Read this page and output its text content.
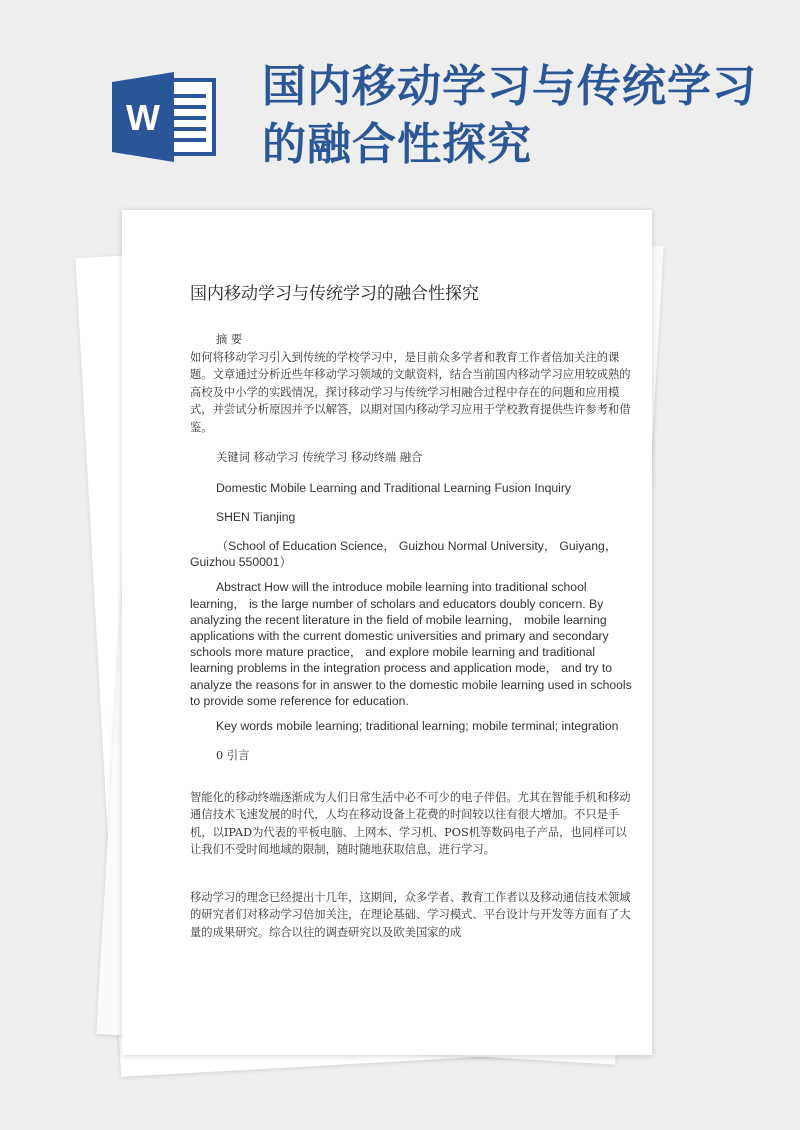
W
国内移动学习与传统学习的融合性探究

国内移动学习与传统学习的融合性探究

摘 要

如何将移动学习引入到传统的学校学习中，是目前众多学者和教育工作者倍加关注的课题。文章通过分析近些年移动学习领域的文献资料，结合当前国内移动学习应用较成熟的高校及中小学的实践情况，探讨移动学习与传统学习相融合过程中存在的问题和应用模式，并尝试分析原因并予以解答，以期对国内移动学习应用于学校教育提供些许参考和借鉴。

关键词 移动学习 传统学习 移动终端 融合

Domestic Mobile Learning and Traditional Learning Fusion Inquiry

SHEN Tianjing

（School of Education Science， Guizhou Normal University， Guiyang， Guizhou 550001）

Abstract How will the introduce mobile learning into traditional school learning， is the large number of scholars and educators doubly concern. By analyzing the recent literature in the field of mobile learning， mobile learning applications with the current domestic universities and primary and secondary schools more mature practice， and explore mobile learning and traditional learning problems in the integration process and application mode， and try to analyze the reasons for in answer to the domestic mobile learning used in schools to provide some reference for education.

Key words mobile learning; traditional learning; mobile terminal; integration

0 引言

智能化的移动终端逐渐成为人们日常生活中必不可少的电子伴侣。尤其在智能手机和移动通信技术飞速发展的时代，人均在移动设备上花费的时间较以往有很大增加。不只是手机，以IPAD为代表的平板电脑、上网本、学习机、POS机等数码电子产品，也同样可以让我们不受时间地域的限制，随时随地获取信息，进行学习。

移动学习的理念已经提出十几年，这期间，众多学者、教育工作者以及移动通信技术领域的研究者们对移动学习倍加关注，在理论基础、学习模式、平台设计与开发等方面有了大量的成果研究。综合以往的调查研究以及欧美国家的成
